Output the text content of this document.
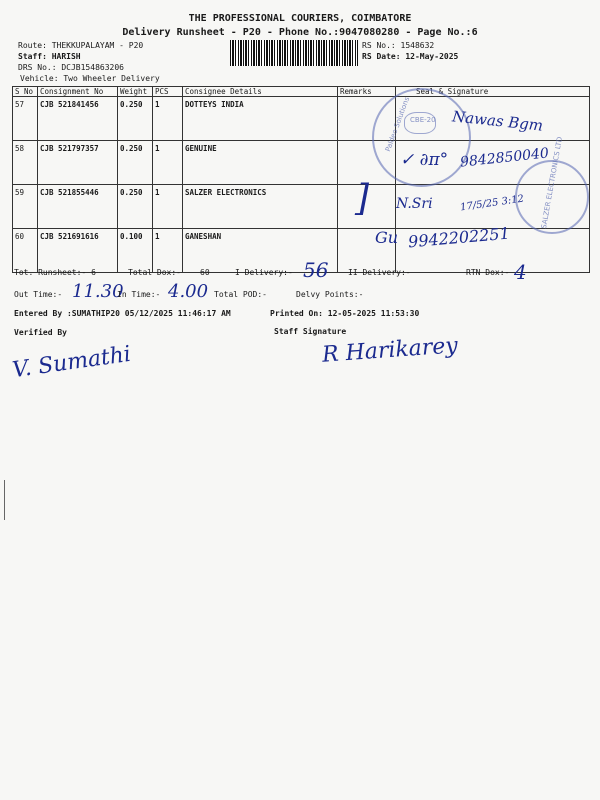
THE PROFESSIONAL COURIERS, COIMBATORE
Delivery Runsheet - P20 - Phone No.:9047080280 - Page No.:6
Route: THEKKUPALAYAM - P20
Staff: HARISH
DRS No.: DCJB154863206
Vehicle: Two Wheeler Delivery
RS No.: 1548632
RS Date: 12-May-2025
S No	Consignment No	Weight	PCS	Consignee Details	Remarks	Seal & Signature
57	CJB 521841456	0.250	1	DOTTEYS INDIA		
58	CJB 521797357	0.250	1	GENUINE		
59	CJB 521855446	0.250	1	SALZER ELECTRONICS		
60	CJB 521691616	0.100	1	GANESHAN		
Paldeo Solutions
CBE-20
SALZER ELECTRONICS LTD
Nawas Bgm
✓ ∂π° 9842850040
] N.Sri	17/5/25 3:12
Gu 9942202251
Tot. Runsheet:- 6	Total Dox:- 60	I Delivery:- 56 II Delivery:-	RTN Dox:- 4
Out Time:- 11.30
In Time:- 4.00 Total POD:-	Delvy Points:-
Entered By :SUMATHIP20 05/12/2025 11:46:17 AM	Printed On: 12-05-2025 11:53:30
Verified By	Staff Signature
V. Sumathi	R Harikarey
